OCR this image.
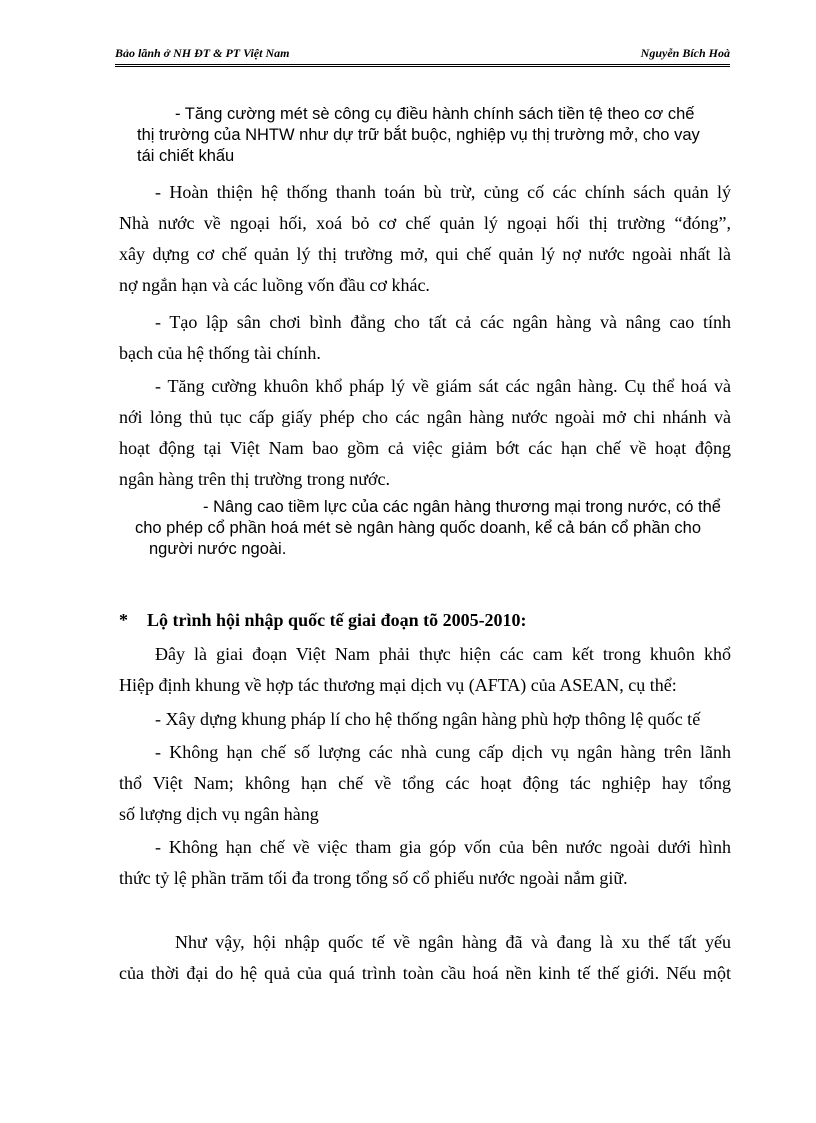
Bảo lãnh ở NH ĐT & PT Việt Nam	Nguyễn Bích Hoà
- Tăng cường mét sè công cụ điều hành chính sách tiền tệ theo cơ chế
thị trường của NHTW như dự trữ bắt buộc, nghiệp vụ thị trường mở, cho vay
tái chiết khấu
- Hoàn thiện hệ thống thanh toán bù trừ, củng cố các chính sách quản lý
Nhà nước về ngoại hối, xoá bỏ cơ chế quản lý ngoại hối thị trường “đóng”,
xây dựng cơ chế quản lý thị trường mở, qui chế quản lý nợ nước ngoài nhất là
nợ ngắn hạn và các luồng vốn đầu cơ khác.
- Tạo lập sân chơi bình đẳng cho tất cả các ngân hàng và nâng cao tính
bạch của hệ thống tài chính.
- Tăng cường khuôn khổ pháp lý về giám sát các ngân hàng. Cụ thể hoá và
nới lỏng thủ tục cấp giấy phép cho các ngân hàng nước ngoài mở chi nhánh và
hoạt động tại Việt Nam bao gồm cả việc giảm bớt các hạn chế về hoạt động
ngân hàng trên thị trường trong nước.
- Nâng cao tiềm lực của các ngân hàng thương mại trong nước, có thể
cho phép cổ phần hoá mét sè ngân hàng quốc doanh, kể cả bán cổ phần cho
người nước ngoài.
* Lộ trình hội nhập quốc tế giai đoạn tõ 2005-2010:
Đây là giai đoạn Việt Nam phải thực hiện các cam kết trong khuôn khổ
Hiệp định khung về hợp tác thương mại dịch vụ (AFTA) của ASEAN, cụ thể:
- Xây dựng khung pháp lí cho hệ thống ngân hàng phù hợp thông lệ quốc tế
- Không hạn chế số lượng các nhà cung cấp dịch vụ ngân hàng trên lãnh
thổ Việt Nam; không hạn chế về tổng các hoạt động tác nghiệp hay tổng
số lượng dịch vụ ngân hàng
- Không hạn chế về việc tham gia góp vốn của bên nước ngoài dưới hình
thức tỷ lệ phần trăm tối đa trong tổng số cổ phiếu nước ngoài nắm giữ.
Như vậy, hội nhập quốc tế về ngân hàng đã và đang là xu thế tất yếu
của thời đại do hệ quả của quá trình toàn cầu hoá nền kinh tế thế giới. Nếu một
